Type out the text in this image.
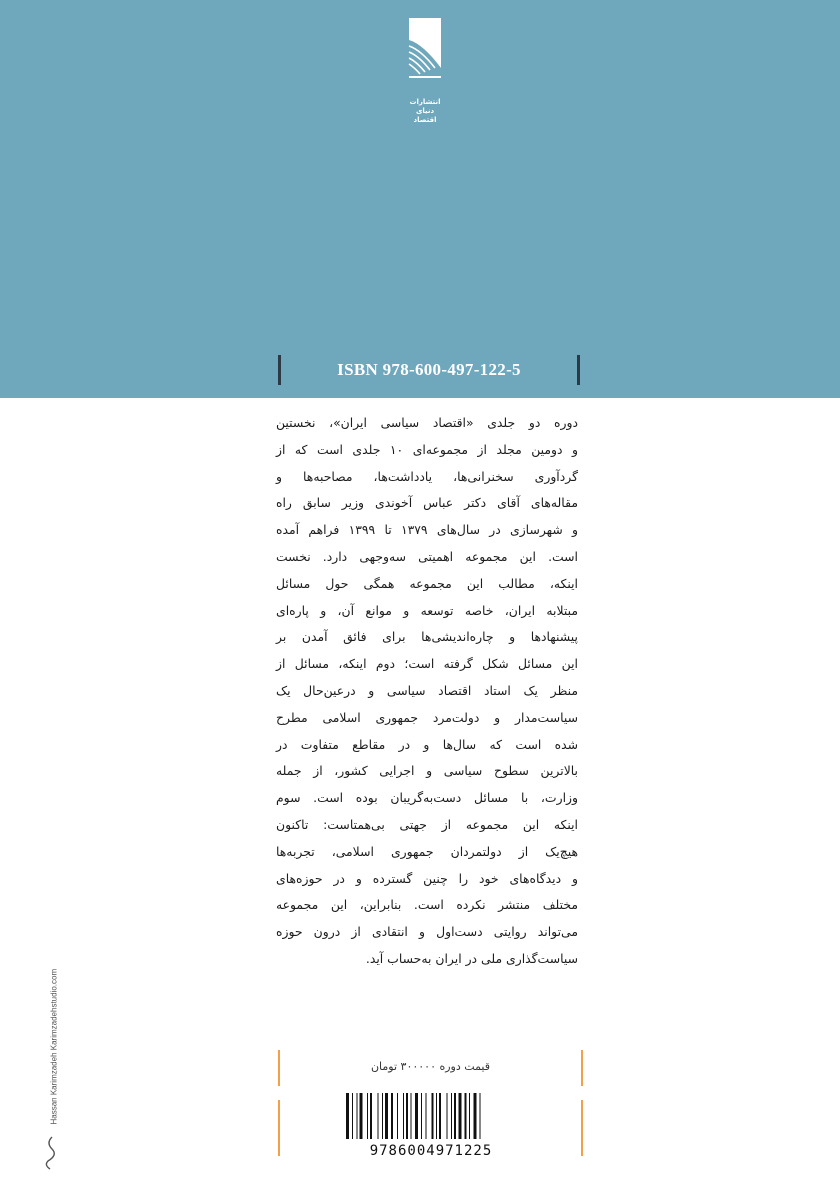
انتشارات
دنیای اقتصاد
ISBN 978-600-497-122-5

دوره دو جلدی «اقتصاد سیاسی ایران»، نخستین

و دومین مجلد از مجموعه‌ای ۱۰ جلدی است که از

گردآوری سخنرانی‌ها، یادداشت‌ها، مصاحبه‌ها و

مقاله‌های آقای دکتر عباس آخوندی وزیر سابق راه

و شهرسازی در سال‌های ۱۳۷۹ تا ۱۳۹۹ فراهم آمده

است. این مجموعه اهمیتی سه‌وجهی دارد. نخست

اینکه، مطالب این مجموعه همگی حول مسائل

مبتلابه ایران، خاصه توسعه و موانع آن، و پاره‌ای

پیشنهادها و چاره‌اندیشی‌ها برای فائق آمدن بر

این مسائل شکل گرفته است؛ دوم اینکه، مسائل از

منظر یک استاد اقتصاد سیاسی و درعین‌حال یک

سیاست‌مدار و دولت‌مرد جمهوری اسلامی مطرح

شده است که سال‌ها و در مقاطع متفاوت در

بالاترین سطوح سیاسی و اجرایی کشور، از جمله

وزارت، با مسائل دست‌به‌گریبان بوده است. سوم

اینکه این مجموعه از جهتی بی‌همتاست: تاکنون

هیچ‌یک از دولتمردان جمهوری اسلامی، تجربه‌ها

و دیدگاه‌های خود را چنین گسترده و در حوزه‌های

مختلف منتشر نکرده است. بنابراین، این مجموعه

می‌تواند روایتی دست‌اول و انتقادی از درون حوزه

سیاست‌گذاری ملی در ایران به‌حساب آید.

قیمت دوره ۳۰۰۰۰۰ تومان
9786004971225
Hassan Karimzadeh Karimzadehstudio.com
